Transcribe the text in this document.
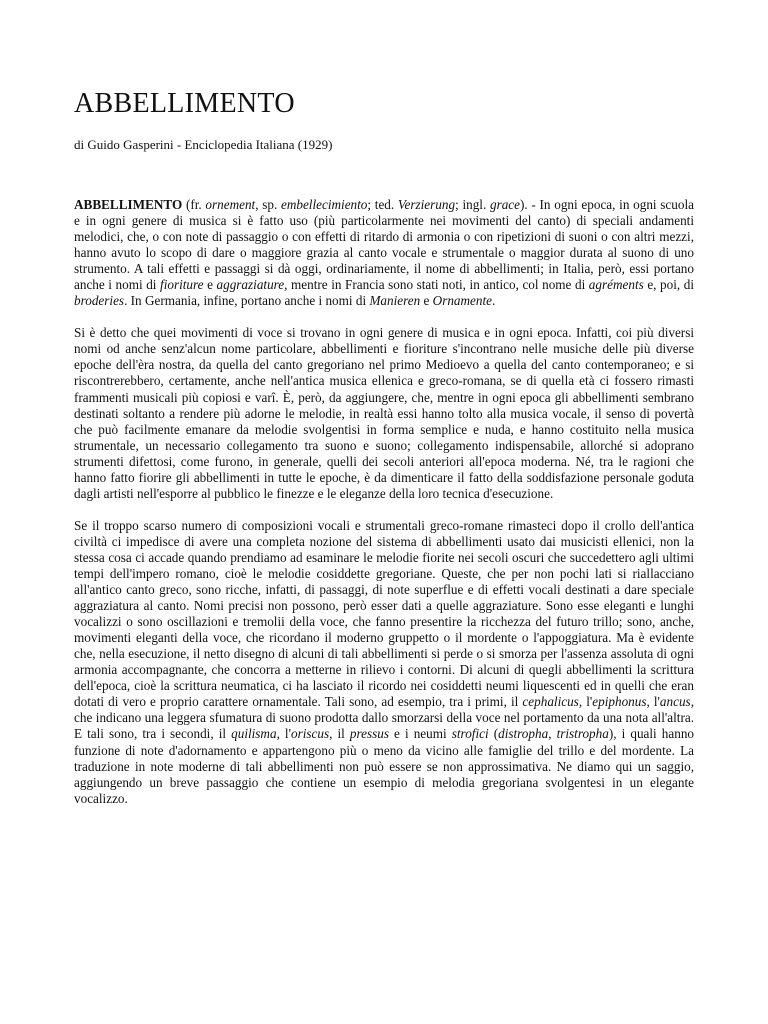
ABBELLIMENTO

di Guido Gasperini - Enciclopedia Italiana (1929)

ABBELLIMENTO (fr. ornement, sp. embellecimiento; ted. Verzierung; ingl. grace). - In ogni epoca, in ogni scuola e in ogni genere di musica si è fatto uso (più particolarmente nei movimenti del canto) di speciali andamenti melodici, che, o con note di passaggio o con effetti di ritardo di armonia o con ripetizioni di suoni o con altri mezzi, hanno avuto lo scopo di dare o maggiore grazia al canto vocale e strumentale o maggior durata al suono di uno strumento. A tali effetti e passaggi si dà oggi, ordinariamente, il nome di abbellimenti; in Italia, però, essi portano anche i nomi di fioriture e aggraziature, mentre in Francia sono stati noti, in antico, col nome di agréments e, poi, di broderies. In Germania, infine, portano anche i nomi di Manieren e Ornamente.

Si è detto che quei movimenti di voce si trovano in ogni genere di musica e in ogni epoca. Infatti, coi più diversi nomi od anche senz'alcun nome particolare, abbellimenti e fioriture s'incontrano nelle musiche delle più diverse epoche dell'èra nostra, da quella del canto gregoriano nel primo Medioevo a quella del canto contemporaneo; e si riscontrerebbero, certamente, anche nell'antica musica ellenica e greco-romana, se di quella età ci fossero rimasti frammenti musicali più copiosi e varî. È, però, da aggiungere, che, mentre in ogni epoca gli abbellimenti sembrano destinati soltanto a rendere più adorne le melodie, in realtà essi hanno tolto alla musica vocale, il senso di povertà che può facilmente emanare da melodie svolgentisi in forma semplice e nuda, e hanno costituito nella musica strumentale, un necessario collegamento tra suono e suono; collegamento indispensabile, allorché si adoprano strumenti difettosi, come furono, in generale, quelli dei secoli anteriori all'epoca moderna. Né, tra le ragioni che hanno fatto fiorire gli abbellimenti in tutte le epoche, è da dimenticare il fatto della soddisfazione personale goduta dagli artisti nell'esporre al pubblico le finezze e le eleganze della loro tecnica d'esecuzione.

Se il troppo scarso numero di composizioni vocali e strumentali greco-romane rimasteci dopo il crollo dell'antica civiltà ci impedisce di avere una completa nozione del sistema di abbellimenti usato dai musicisti ellenici, non la stessa cosa ci accade quando prendiamo ad esaminare le melodie fiorite nei secoli oscuri che succedettero agli ultimi tempi dell'impero romano, cioè le melodie cosiddette gregoriane. Queste, che per non pochi lati si riallacciano all'antico canto greco, sono ricche, infatti, di passaggi, di note superflue e di effetti vocali destinati a dare speciale aggraziatura al canto. Nomi precisi non possono, però esser dati a quelle aggraziature. Sono esse eleganti e lunghi vocalizzi o sono oscillazioni e tremolii della voce, che fanno presentire la ricchezza del futuro trillo; sono, anche, movimenti eleganti della voce, che ricordano il moderno gruppetto o il mordente o l'appoggiatura. Ma è evidente che, nella esecuzione, il netto disegno di alcuni di tali abbellimenti si perde o si smorza per l'assenza assoluta di ogni armonia accompagnante, che concorra a metterne in rilievo i contorni. Di alcuni di quegli abbellimenti la scrittura dell'epoca, cioè la scrittura neumatica, ci ha lasciato il ricordo nei cosiddetti neumi liquescenti ed in quelli che eran dotati di vero e proprio carattere ornamentale. Tali sono, ad esempio, tra i primi, il cephalicus, l'epiphonus, l'ancus, che indicano una leggera sfumatura di suono prodotta dallo smorzarsi della voce nel portamento da una nota all'altra. E tali sono, tra i secondi, il quilisma, l'oriscus, il pressus e i neumi strofici (distropha, tristropha), i quali hanno funzione di note d'adornamento e appartengono più o meno da vicino alle famiglie del trillo e del mordente. La traduzione in note moderne di tali abbellimenti non può essere se non approssimativa. Ne diamo qui un saggio, aggiungendo un breve passaggio che contiene un esempio di melodia gregoriana svolgentesi in un elegante vocalizzo.
